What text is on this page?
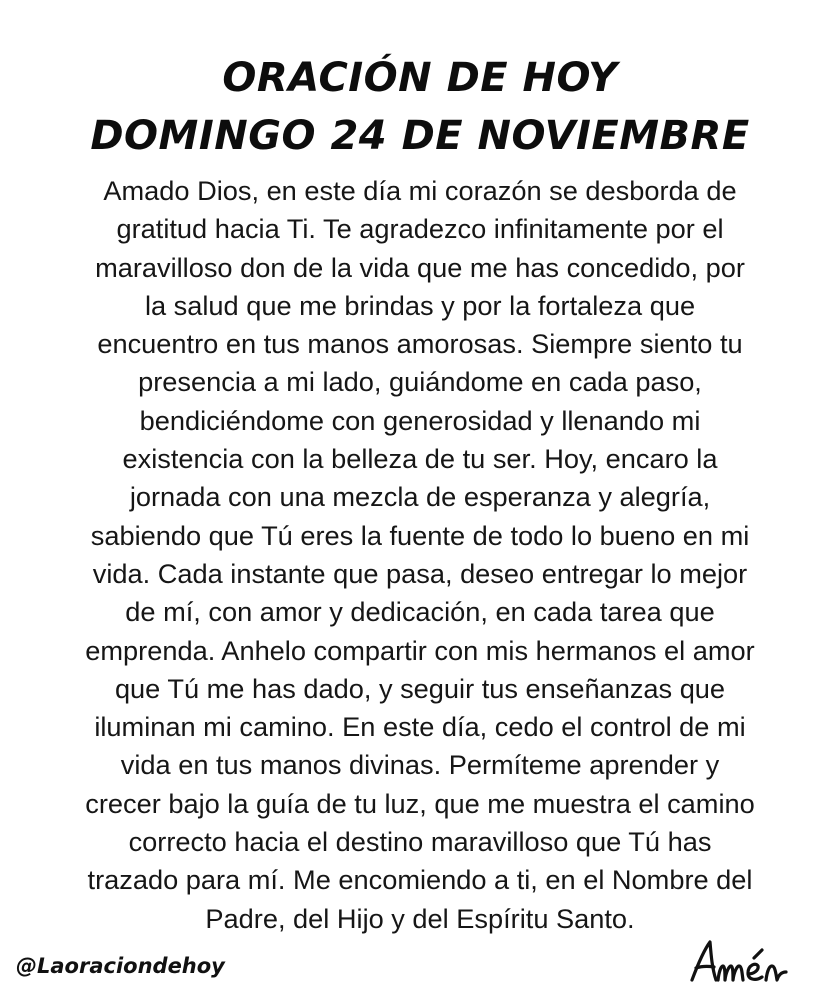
ORACIÓN DE HOY
DOMINGO 24 DE NOVIEMBRE
Amado Dios, en este día mi corazón se desborda de
gratitud hacia Ti. Te agradezco infinitamente por el
maravilloso don de la vida que me has concedido, por
la salud que me brindas y por la fortaleza que
encuentro en tus manos amorosas. Siempre siento tu
presencia a mi lado, guiándome en cada paso,
bendiciéndome con generosidad y llenando mi
existencia con la belleza de tu ser. Hoy, encaro la
jornada con una mezcla de esperanza y alegría,
sabiendo que Tú eres la fuente de todo lo bueno en mi
vida. Cada instante que pasa, deseo entregar lo mejor
de mí, con amor y dedicación, en cada tarea que
emprenda. Anhelo compartir con mis hermanos el amor
que Tú me has dado, y seguir tus enseñanzas que
iluminan mi camino. En este día, cedo el control de mi
vida en tus manos divinas. Permíteme aprender y
crecer bajo la guía de tu luz, que me muestra el camino
correcto hacia el destino maravilloso que Tú has
trazado para mí. Me encomiendo a ti, en el Nombre del
Padre, del Hijo y del Espíritu Santo.
@Laoraciondehoy
